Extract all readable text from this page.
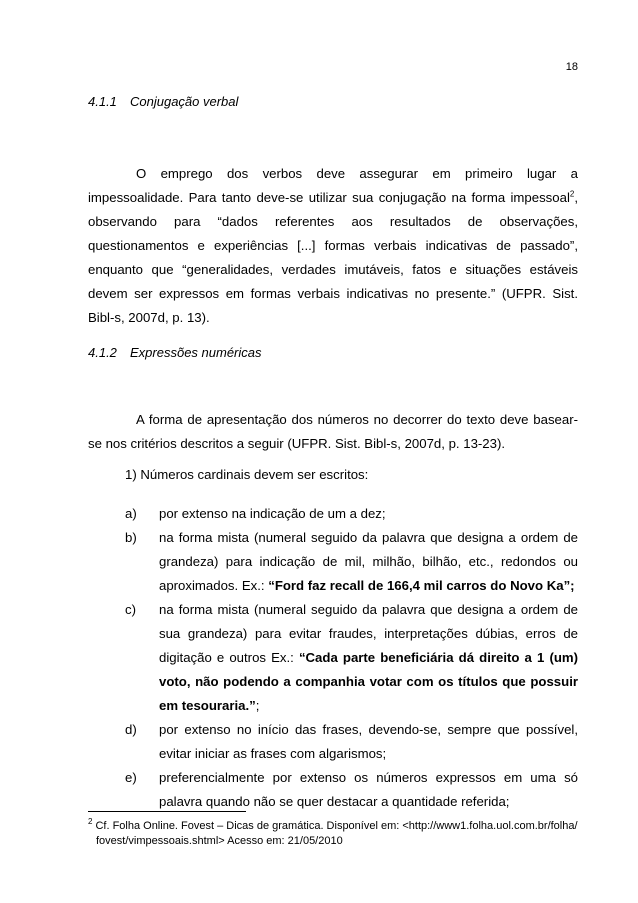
18
4.1.1 Conjugação verbal

O emprego dos verbos deve assegurar em primeiro lugar a impessoalidade. Para tanto deve-se utilizar sua conjugação na forma impessoal$^2$, observando para “dados referentes aos resultados de observações, questionamentos e experiências [...] formas verbais indicativas de passado”, enquanto que “generalidades, verdades imutáveis, fatos e situações estáveis devem ser expressos em formas verbais indicativas no presente.” (UFPR. Sist. Bibl-s, 2007d, p. 13).

4.1.2 Expressões numéricas

A forma de apresentação dos números no decorrer do texto deve basear-se nos critérios descritos a seguir (UFPR. Sist. Bibl-s, 2007d, p. 13-23).

1) Números cardinais devem ser escritos:
a) por extenso na indicação de um a dez;
b) na forma mista (numeral seguido da palavra que designa a ordem de grandeza) para indicação de mil, milhão, bilhão, etc., redondos ou aproximados. Ex.: “Ford faz recall de 166,4 mil carros do Novo Ka”;
c) na forma mista (numeral seguido da palavra que designa a ordem de sua grandeza) para evitar fraudes, interpretações dúbias, erros de digitação e outros Ex.: “Cada parte beneficiária dá direito a 1 (um) voto, não podendo a companhia votar com os títulos que possuir em tesouraria.”;
d) por extenso no início das frases, devendo-se, sempre que possível, evitar iniciar as frases com algarismos;
e) preferencialmente por extenso os números expressos em uma só palavra quando não se quer destacar a quantidade referida;
$^2$ Cf. Folha Online. Fovest – Dicas de gramática. Disponível em: <http://www1.folha.uol.com.br/folha/
fovest/vimpessoais.shtml> Acesso em: 21/05/2010
